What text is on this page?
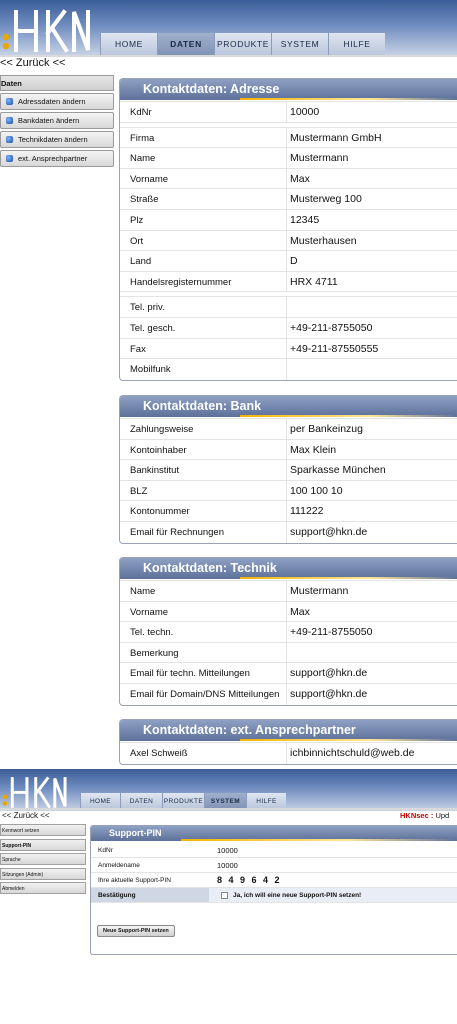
HOME	DATEN	PRODUKTE	SYSTEM	HILFE
<< Zurück <<
Daten
Adressdaten ändern
Bankdaten ändern
Technikdaten ändern
ext. Ansprechpartner
Kontaktdaten: Adresse
KdNr	10000
Firma	Mustermann GmbH
Name	Mustermann
Vorname	Max
Straße	Musterweg 100
Plz	12345
Ort	Musterhausen
Land	D
Handelsregisternummer	HRX 4711
Tel. priv.
Tel. gesch.	+49-211-8755050
Fax	+49-211-87550555
Mobilfunk
Kontaktdaten: Bank
Zahlungsweise	per Bankeinzug
Kontoinhaber	Max Klein
Bankinstitut	Sparkasse München
BLZ	100 100 10
Kontonummer	111222
Email für Rechnungen	support@hkn.de
Kontaktdaten: Technik
Name	Mustermann
Vorname	Max
Tel. techn.	+49-211-8755050
Bemerkung
Email für techn. Mitteilungen	support@hkn.de
Email für Domain/DNS Mitteilungen	support@hkn.de
Kontaktdaten: ext. Ansprechpartner
Axel Schweiß	ichbinnichtschuld@web.de
HOME	DATEN	PRODUKTE	SYSTEM	HILFE
<< Zurück <<	HKNsec : Upd
Kennwort setzen
Support-PIN
Sprache
Sitzungen (Admin)
Abmelden
Support-PIN
KdNr	10000
Anmeldename	10000
Ihre aktuelle Support-PIN	8 4 9 6 4 2
Bestätigung	Ja, ich will eine neue Support-PIN setzen!
Neue Support-PIN setzen
